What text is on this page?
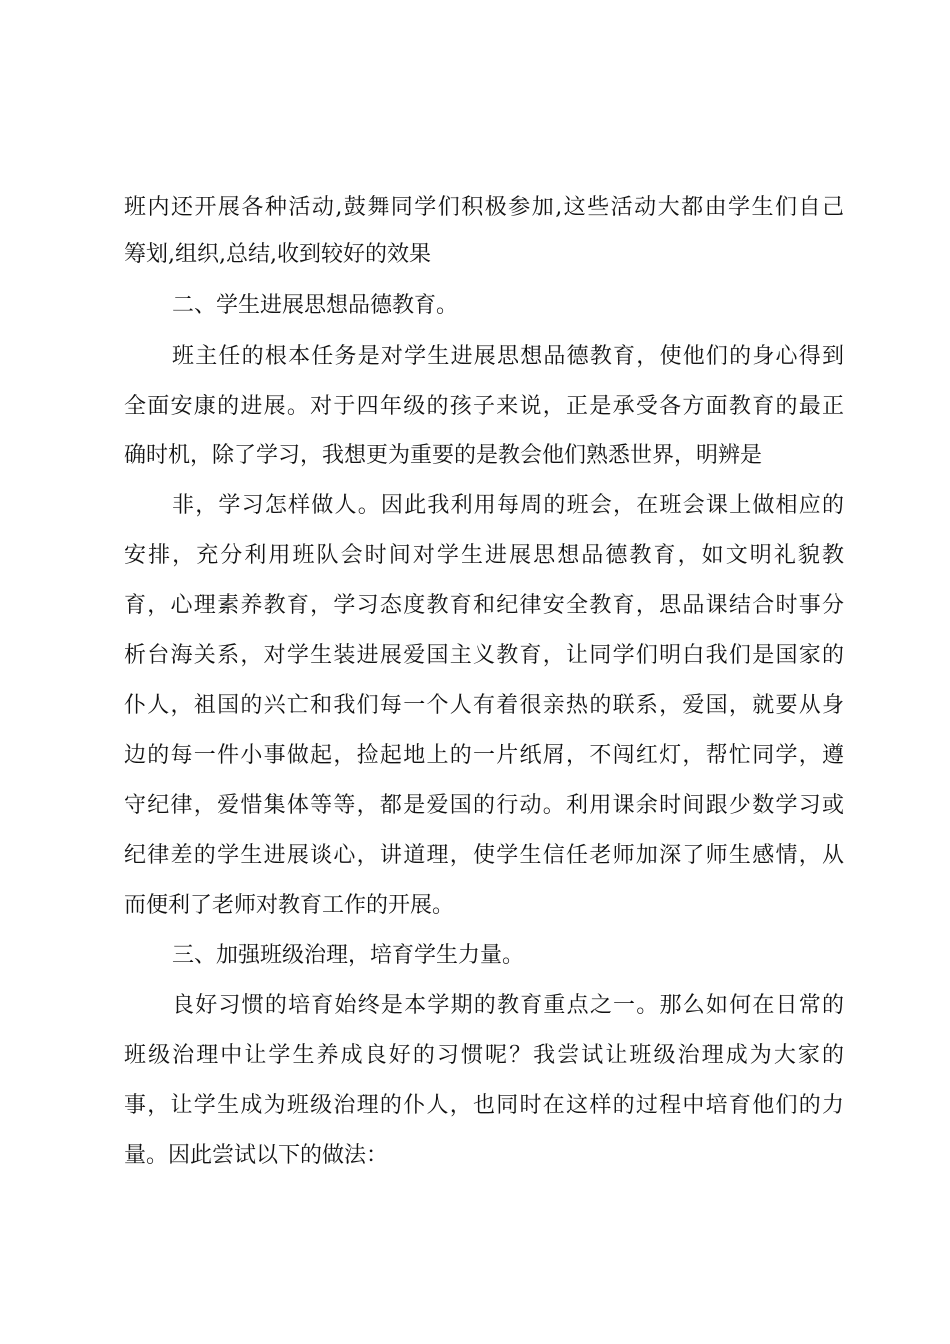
班内还开展各种活动,鼓舞同学们积极参加,这些活动大都由学生们自己
筹划,组织,总结,收到较好的效果
二、学生进展思想品德教育。
班主任的根本任务是对学生进展思想品德教育，使他们的身心得到
全面安康的进展。对于四年级的孩子来说，正是承受各方面教育的最正
确时机，除了学习，我想更为重要的是教会他们熟悉世界，明辨是
非，学习怎样做人。因此我利用每周的班会，在班会课上做相应的
安排，充分利用班队会时间对学生进展思想品德教育，如文明礼貌教
育，心理素养教育，学习态度教育和纪律安全教育，思品课结合时事分
析台海关系，对学生装进展爱国主义教育，让同学们明白我们是国家的
仆人，祖国的兴亡和我们每一个人有着很亲热的联系，爱国，就要从身
边的每一件小事做起，捡起地上的一片纸屑，不闯红灯，帮忙同学，遵
守纪律，爱惜集体等等，都是爱国的行动。利用课余时间跟少数学习或
纪律差的学生进展谈心，讲道理，使学生信任老师加深了师生感情，从
而便利了老师对教育工作的开展。
三、加强班级治理，培育学生力量。
良好习惯的培育始终是本学期的教育重点之一。那么如何在日常的
班级治理中让学生养成良好的习惯呢？我尝试让班级治理成为大家的
事，让学生成为班级治理的仆人，也同时在这样的过程中培育他们的力
量。因此尝试以下的做法：
